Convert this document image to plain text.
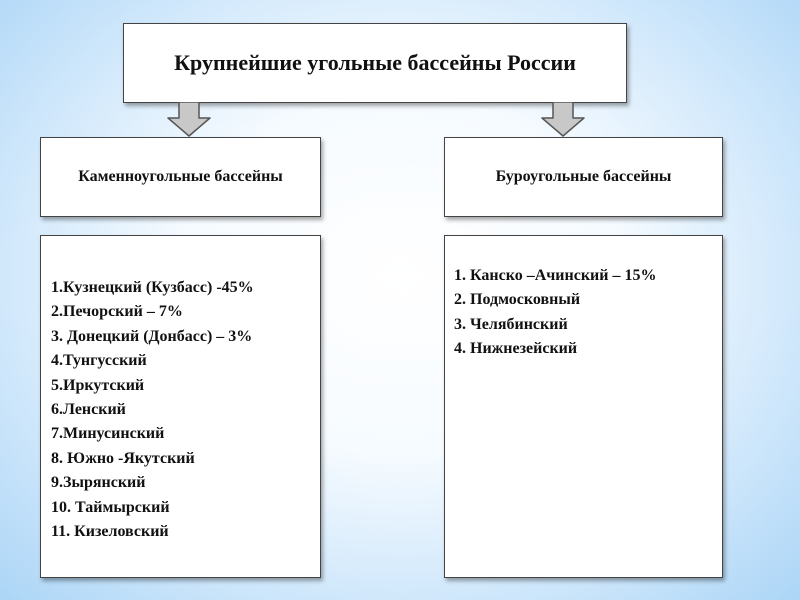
Крупнейшие угольные бассейны России
Каменноугольные бассейны	Буроугольные бассейны
1.Кузнецкий (Кузбасс) -45%
2.Печорский – 7%
3. Донецкий (Донбасс) – 3%
4.Тунгусский
5.Иркутский
6.Ленский
7.Минусинский
8. Южно -Якутский
9.Зырянский
10. Таймырский
11. Кизеловский
1. Канско –Ачинский – 15%
2. Подмосковный
3. Челябинский
4. Нижнезейский
